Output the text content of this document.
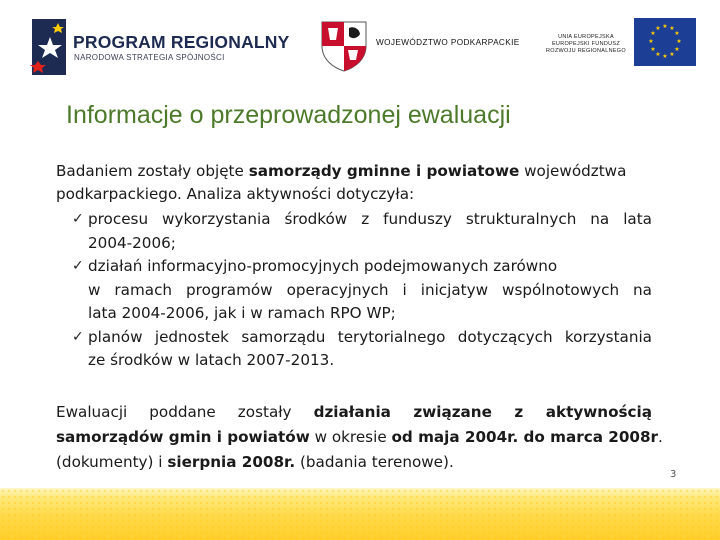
PROGRAM REGIONALNY
NARODOWA STRATEGIA SPÓJNOŚCI
WOJEWÓDZTWO PODKARPACKIE
UNIA EUROPEJSKA
EUROPEJSKI FUNDUSZ
ROZWOJU REGIONALNEGO
★ ★
★
★
★
★
★
★
★
★
★
★
Informacje o przeprowadzonej ewaluacji
Badaniem zostały objęte samorządy gminne i powiatowe województwa
podkarpackiego. Analiza aktywności dotyczyła:
✓ procesu wykorzystania środków z funduszy strukturalnych na lata
2004-2006;
✓ działań informacyjno-promocyjnych podejmowanych zarówno
w ramach programów operacyjnych i inicjatyw wspólnotowych na
lata 2004-2006, jak i w ramach RPO WP;
✓ planów jednostek samorządu terytorialnego dotyczących korzystania
ze środków w latach 2007-2013.
Ewaluacji poddane zostały działania związane z aktywnością
samorządów gmin i powiatów w okresie od maja 2004r. do marca 2008r.
(dokumenty) i sierpnia 2008r. (badania terenowe).
3
